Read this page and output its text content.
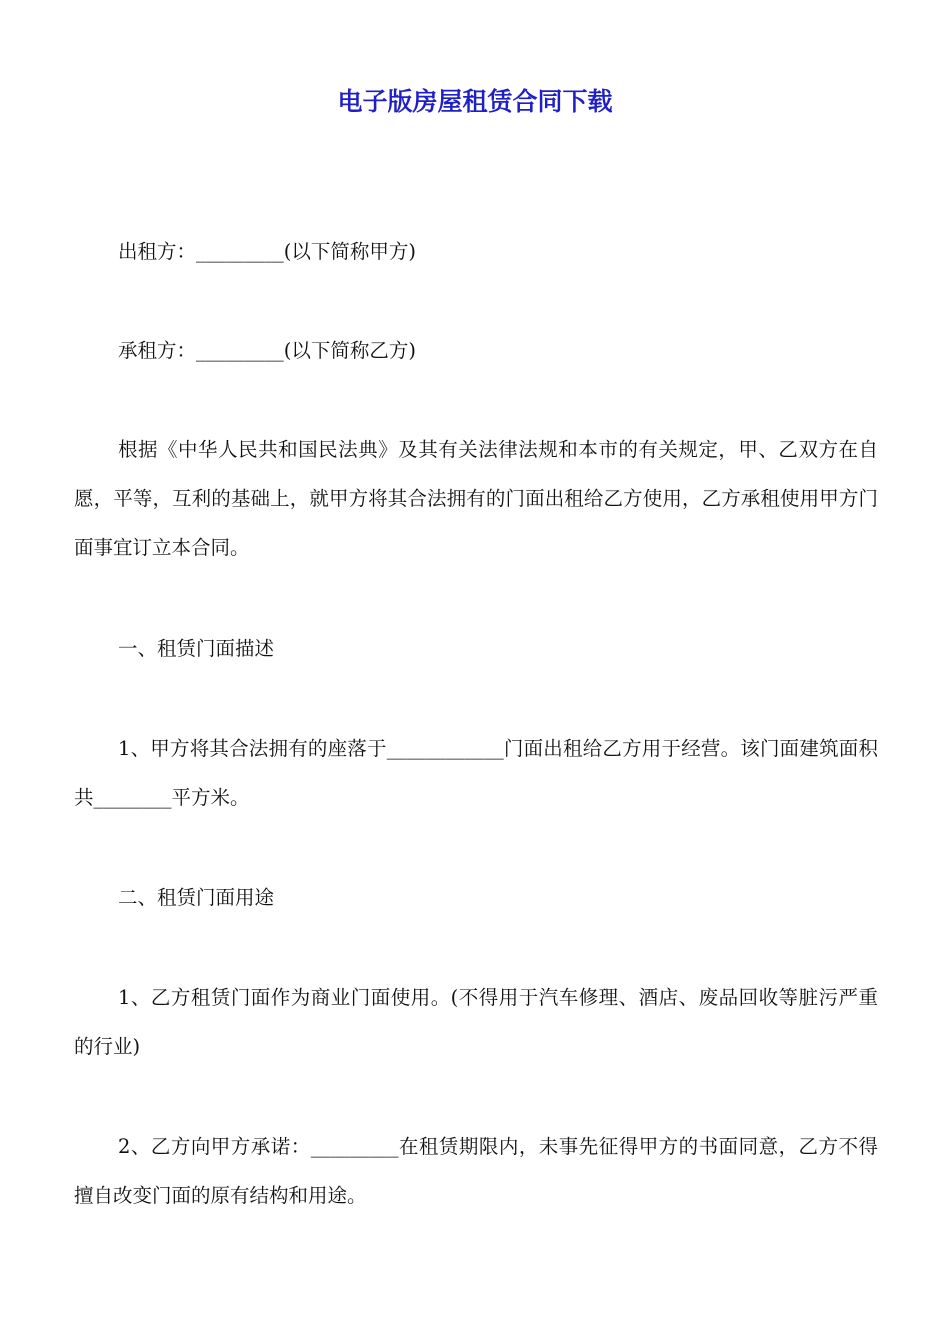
电子版房屋租赁合同下载

出租方：_________(以下简称甲方)

承租方：_________(以下简称乙方)

根据《中华人民共和国民法典》及其有关法律法规和本市的有关规定，甲、乙双方在自愿，平等，互利的基础上，就甲方将其合法拥有的门面出租给乙方使用，乙方承租使用甲方门面事宜订立本合同。

一、租赁门面描述

1、甲方将其合法拥有的座落于____________门面出租给乙方用于经营。该门面建筑面积共________平方米。

二、租赁门面用途

1、乙方租赁门面作为商业门面使用。(不得用于汽车修理、酒店、废品回收等脏污严重的行业)

2、乙方向甲方承诺：_________在租赁期限内，未事先征得甲方的书面同意，乙方不得擅自改变门面的原有结构和用途。
